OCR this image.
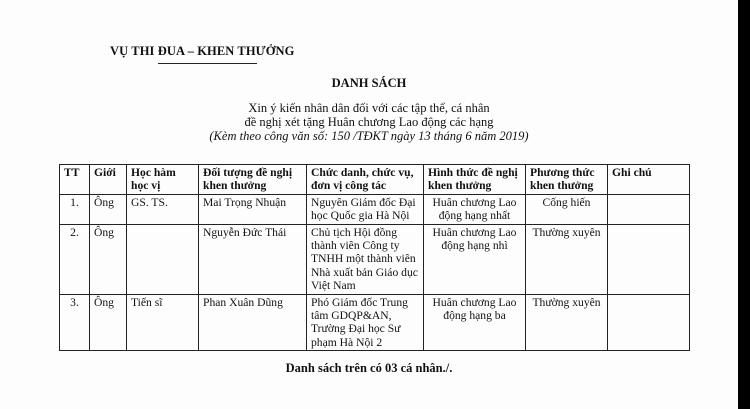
VỤ THI ĐUA – KHEN THƯỞNG
DANH SÁCH
Xin ý kiến nhân dân đối với các tập thể, cá nhân
đề nghị xét tặng Huân chương Lao động các hạng
(Kèm theo công văn số: 150 /TĐKT ngày 13 tháng 6 năm 2019)
TT	Giới	Học hàm học vị	Đối tượng đề nghị khen thưởng	Chức danh, chức vụ, đơn vị công tác	Hình thức đề nghị khen thưởng	Phương thức khen thưởng	Ghi chú
1.	Ông	GS. TS.	Mai Trọng Nhuận	Nguyên Giám đốc Đại học Quốc gia Hà Nội	Huân chương Lao động hạng nhất	Cống hiến	
2.	Ông		Nguyễn Đức Thái	Chủ tịch Hội đồng thành viên Công ty TNHH một thành viên Nhà xuất bản Giáo dục Việt Nam	Huân chương Lao động hạng nhì	Thường xuyên	
3.	Ông	Tiến sĩ	Phan Xuân Dũng	Phó Giám đốc Trung tâm GDQP&AN, Trường Đại học Sư phạm Hà Nội 2	Huân chương Lao động hạng ba	Thường xuyên	
Danh sách trên có 03 cá nhân./.
